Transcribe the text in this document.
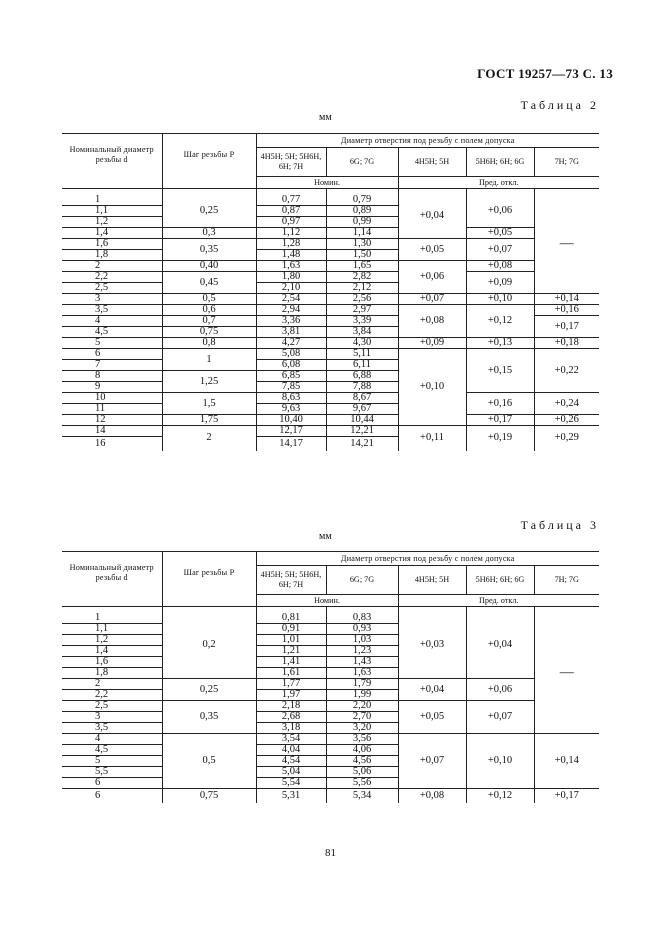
ГОСТ 19257—73 С. 13
Таблица 2
мм
Номинальный диаметр резьбы d	Шаг резьбы P	Диаметр отверстия под резьбу с полем допуска				
		4H5H; 5H; 5H6H, 6H; 7H	6G; 7G	4H5H; 5H	5H6H; 6H; 6G	7H; 7G
		Номин.		Пред. откл.		

1	0,25	0,77	0,79	+0,04	+0,06	—
1,1		0,87	0,89			
1,2		0,97	0,99			
1,4	0,3	1,12	1,14		+0,05	
1,6	0,35	1,28	1,30	+0,05	+0,07	
1,8		1,48	1,50			
2	0,40	1,63	1,65	+0,06	+0,08	
2,2	0,45	1,80	2,82		+0,09	
2,5		2,10	2,12			
3	0,5	2,54	2,56	+0,07	+0,10	+0,14
3,5	0,6	2,94	2,97	+0,08	+0,12	+0,16
4	0,7	3,36	3,39			+0,17
4,5	0,75	3,81	3,84			
5	0,8	4,27	4,30	+0,09	+0,13	+0,18
6	1	5,08	5,11	+0,10	+0,15	+0,22
7		6,08	6,11			
8	1,25	6,85	6,88			
9		7,85	7,88			
10	1,5	8,63	8,67		+0,16	+0,24
11		9,63	9,67			
12	1,75	10,40	10,44		+0,17	+0,26
14	2	12,17	12,21	+0,11	+0,19	+0,29
16		14,17	14,21			
Таблица 3
мм
Номинальный диаметр резьбы d	Шаг резьбы P	Диаметр отверстия под резьбу с полем допуска				
		4H5H; 5H; 5H6H, 6H; 7H	6G; 7G	4H5H; 5H	5H6H; 6H; 6G	7H; 7G
		Номин.		Пред. откл.		

1	0,2	0,81	0,83	+0,03	+0,04	—
1,1		0,91	0,93			
1,2		1,01	1,03			
1,4		1,21	1,23			
1,6		1,41	1,43			
1,8		1,61	1,63			
2	0,25	1,77	1,79	+0,04	+0,06	
2,2		1,97	1,99			
2,5	0,35	2,18	2,20	+0,05	+0,07	
3		2,68	2,70			
3,5		3,18	3,20			
4	0,5	3,54	3,56	+0,07	+0,10	+0,14
4,5		4,04	4,06			
5		4,54	4,56			
5,5		5,04	5,06			
6		5,54	5,56			
6	0,75	5,31	5,34	+0,08	+0,12	+0,17
81
